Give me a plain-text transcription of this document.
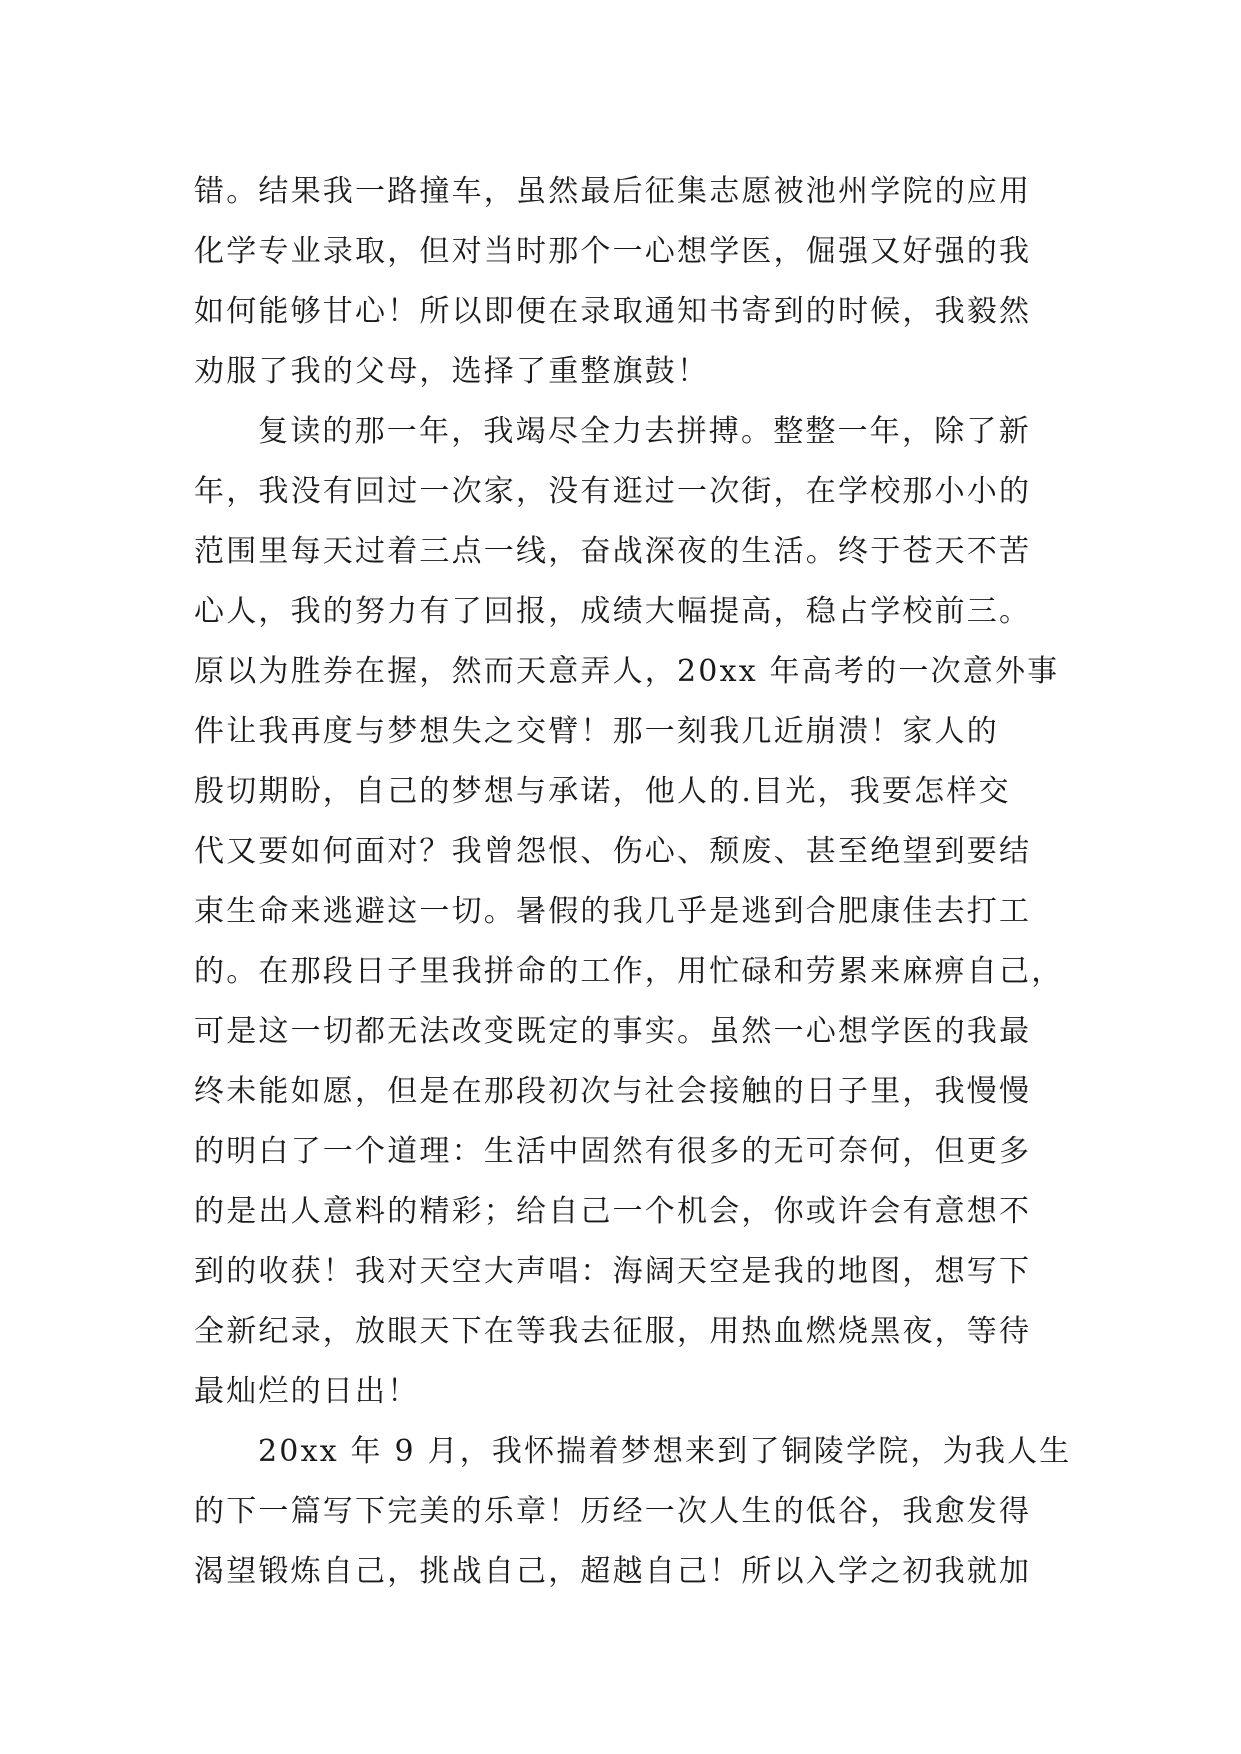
错。结果我一路撞车，虽然最后征集志愿被池州学院的应用
化学专业录取，但对当时那个一心想学医，倔强又好强的我
如何能够甘心！所以即便在录取通知书寄到的时候，我毅然
劝服了我的父母，选择了重整旗鼓！
复读的那一年，我竭尽全力去拼搏。整整一年，除了新
年，我没有回过一次家，没有逛过一次街，在学校那小小的
范围里每天过着三点一线，奋战深夜的生活。终于苍天不苦
心人，我的努力有了回报，成绩大幅提高，稳占学校前三。
原以为胜券在握，然而天意弄人，20xx 年高考的一次意外事
件让我再度与梦想失之交臂！那一刻我几近崩溃！家人的
殷切期盼，自己的梦想与承诺，他人的.目光，我要怎样交
代又要如何面对？我曾怨恨、伤心、颓废、甚至绝望到要结
束生命来逃避这一切。暑假的我几乎是逃到合肥康佳去打工
的。在那段日子里我拼命的工作，用忙碌和劳累来麻痹自己，
可是这一切都无法改变既定的事实。虽然一心想学医的我最
终未能如愿，但是在那段初次与社会接触的日子里，我慢慢
的明白了一个道理：生活中固然有很多的无可奈何，但更多
的是出人意料的精彩；给自己一个机会，你或许会有意想不
到的收获！我对天空大声唱：海阔天空是我的地图，想写下
全新纪录，放眼天下在等我去征服，用热血燃烧黑夜，等待
最灿烂的日出！
20xx 年 9 月，我怀揣着梦想来到了铜陵学院，为我人生
的下一篇写下完美的乐章！历经一次人生的低谷，我愈发得
渴望锻炼自己，挑战自己，超越自己！所以入学之初我就加
